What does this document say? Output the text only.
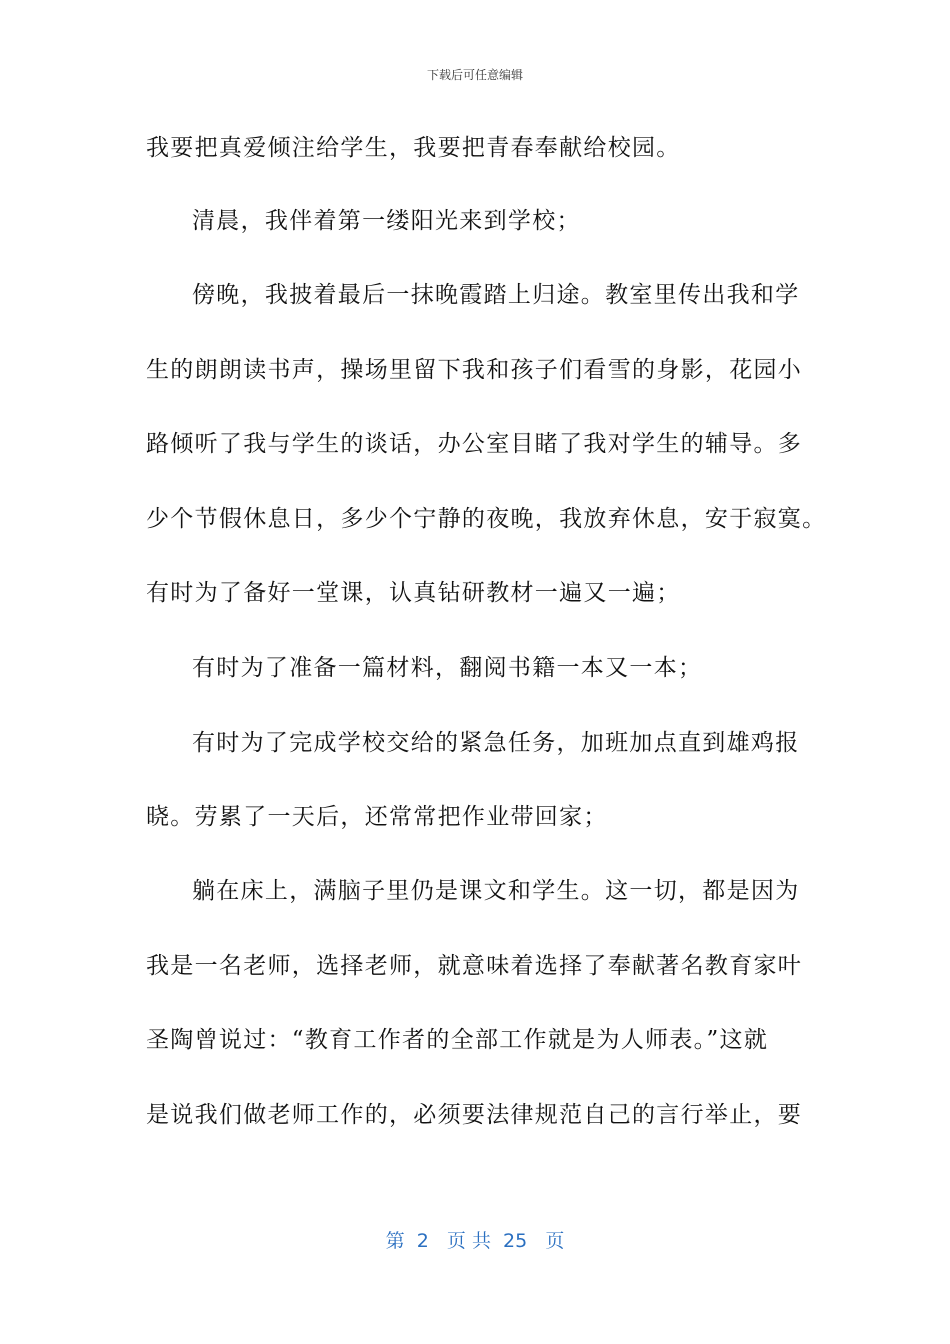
下载后可任意编辑
我要把真爱倾注给学生，我要把青春奉献给校园。
清晨，我伴着第一缕阳光来到学校；
傍晚，我披着最后一抹晚霞踏上归途。教室里传出我和学
生的朗朗读书声，操场里留下我和孩子们看雪的身影，花园小
路倾听了我与学生的谈话，办公室目睹了我对学生的辅导。多
少个节假休息日，多少个宁静的夜晚，我放弃休息，安于寂寞。
有时为了备好一堂课，认真钻研教材一遍又一遍；
有时为了准备一篇材料，翻阅书籍一本又一本；
有时为了完成学校交给的紧急任务，加班加点直到雄鸡报
晓。劳累了一天后，还常常把作业带回家；
躺在床上，满脑子里仍是课文和学生。这一切，都是因为
我是一名老师，选择老师，就意味着选择了奉献著名教育家叶
圣陶曾说过：“教育工作者的全部工作就是为人师表。”这就
是说我们做老师工作的，必须要法律规范自己的言行举止，要
第  2   页 共  25   页
